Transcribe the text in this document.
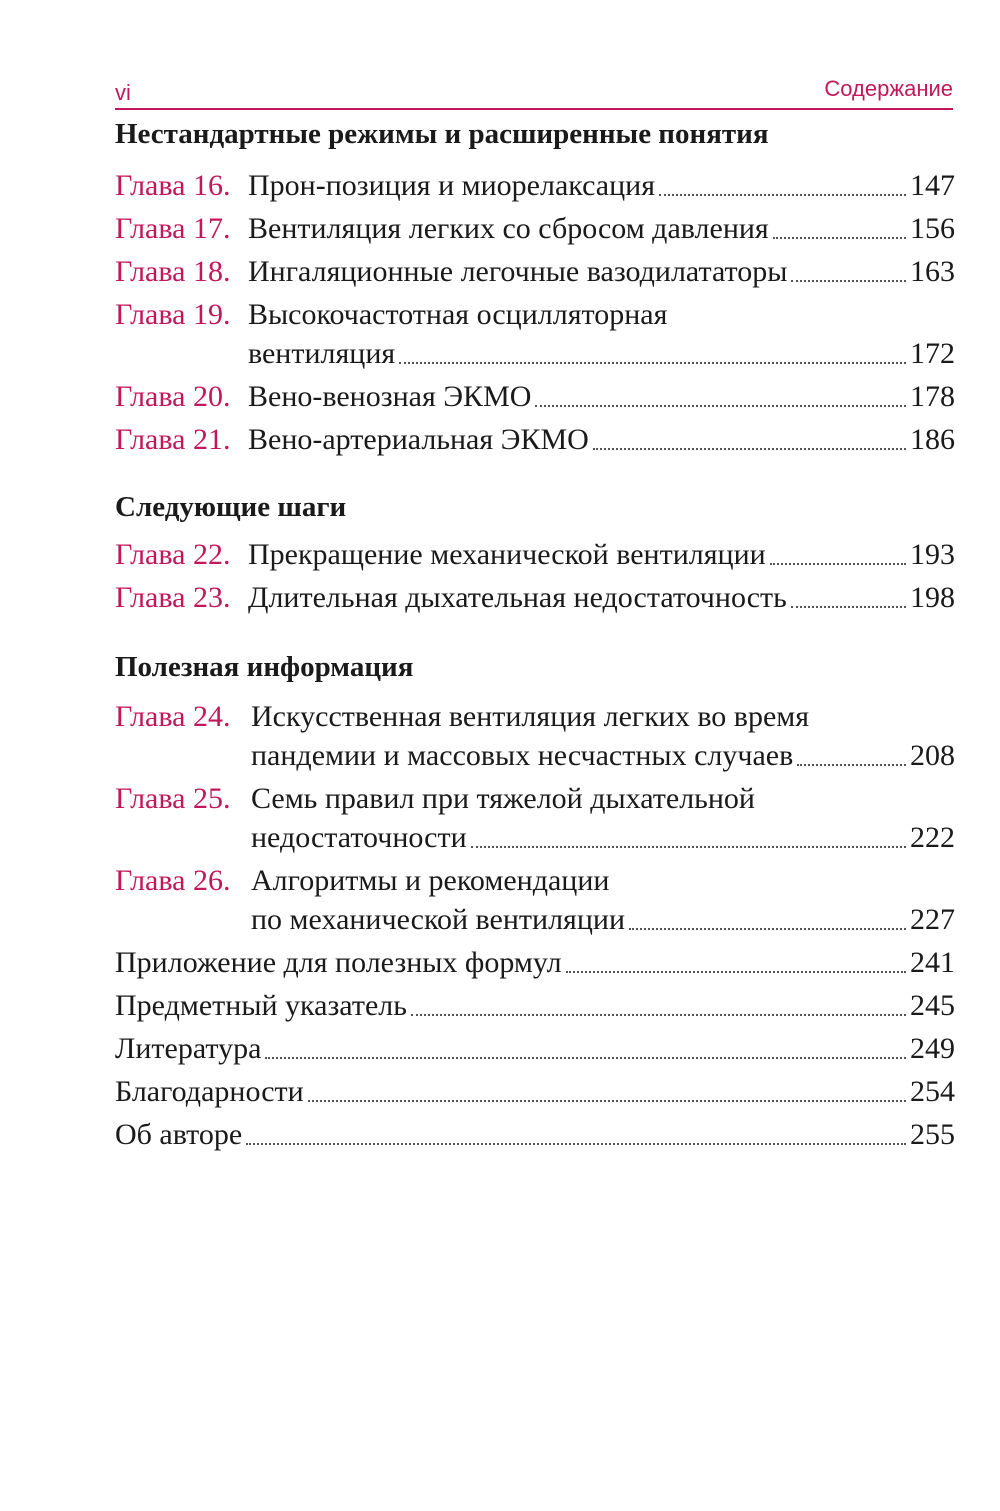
vi	Содержание
Нестандартные режимы и расширенные понятия
Глава 16. Прон-позиция и миорелаксация	147
Глава 17. Вентиляция легких со сбросом давления	156
Глава 18. Ингаляционные легочные вазодилататоры	163
Глава 19. Высокочастотная осцилляторная
вентиляция	172
Глава 20. Вено-венозная ЭКМО	178
Глава 21. Вено-артериальная ЭКМО	186
Следующие шаги
Глава 22. Прекращение механической вентиляции	193
Глава 23. Длительная дыхательная недостаточность	198
Полезная информация
Глава 24. Искусственная вентиляция легких во время
пандемии и массовых несчастных случаев	208
Глава 25. Семь правил при тяжелой дыхательной
недостаточности	222
Глава 26. Алгоритмы и рекомендации
по механической вентиляции	227
Приложение для полезных формул	241
Предметный указатель	245
Литература	249
Благодарности	254
Об авторе	255
